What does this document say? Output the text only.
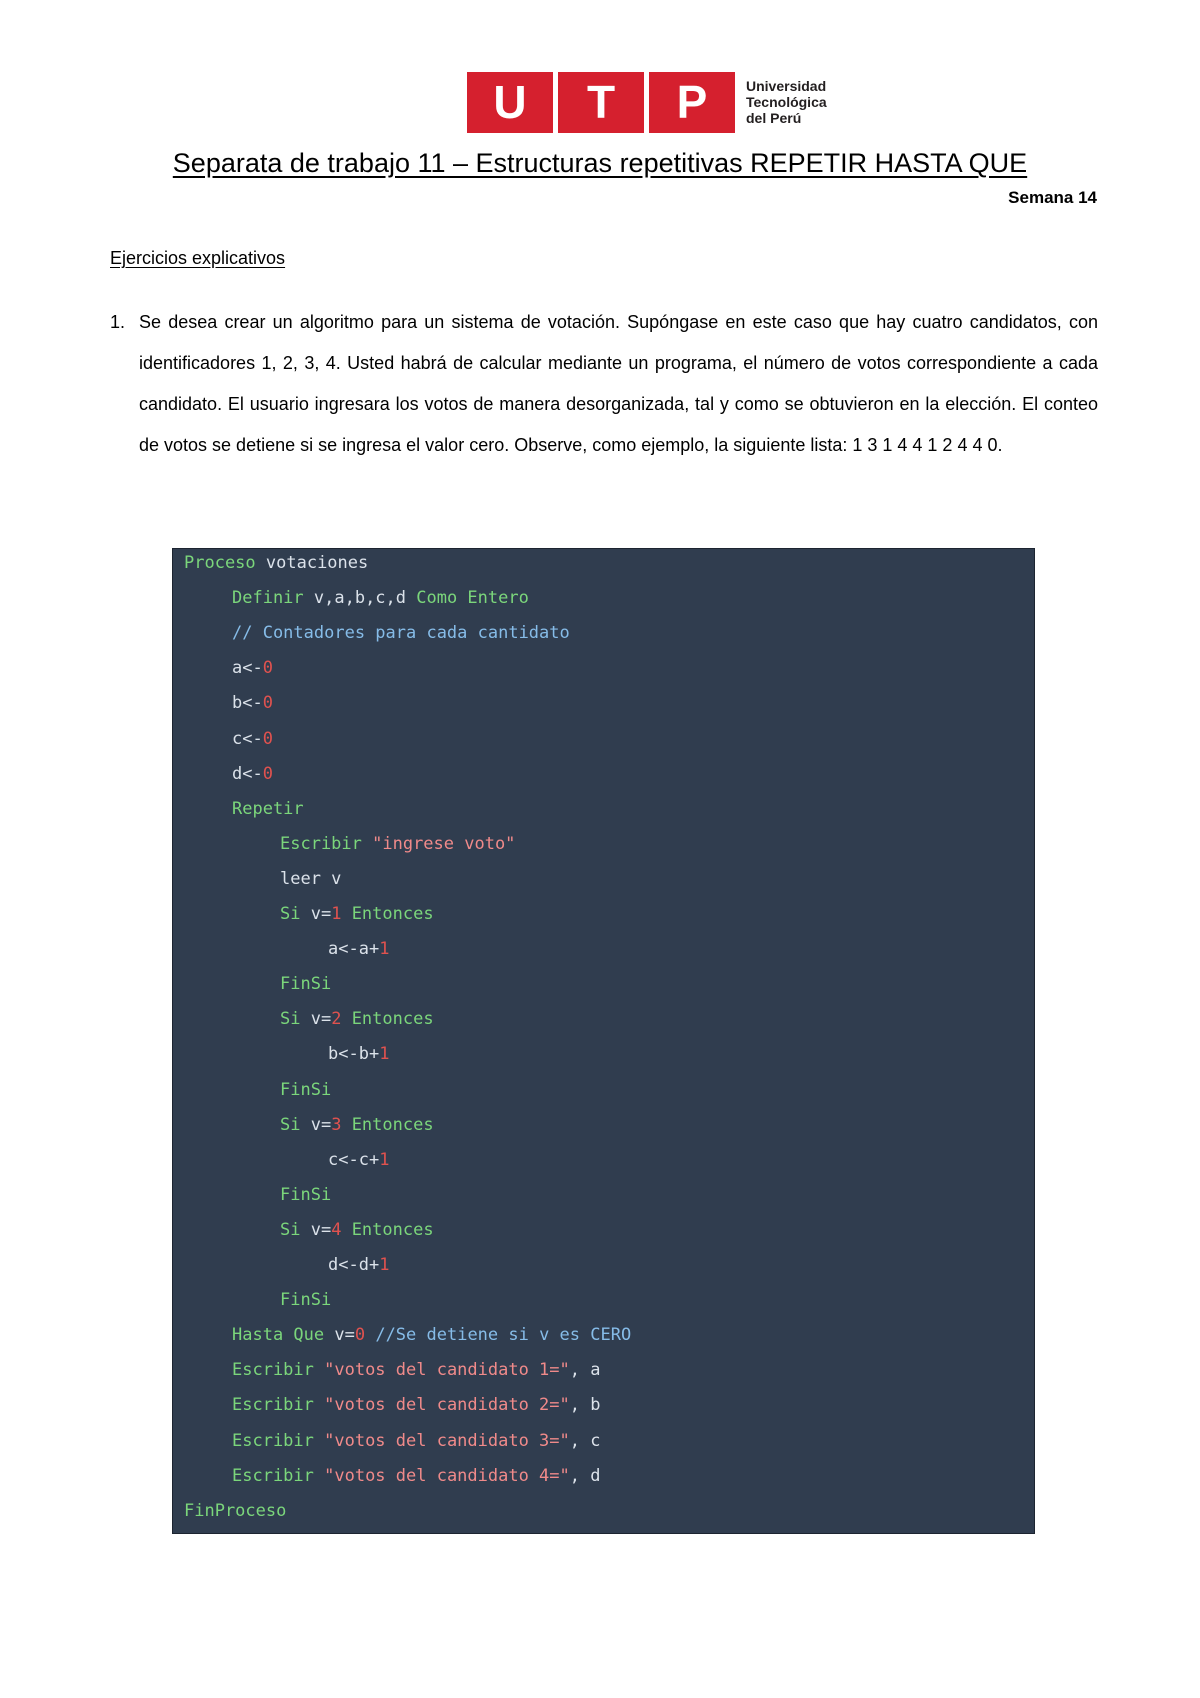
U	T	P	Universidad
Tecnológica
del Perú
Separata de trabajo 11 – Estructuras repetitivas REPETIR HASTA QUE
Semana 14
Ejercicios explicativos
1. Se desea crear un algoritmo para un sistema de votación. Supóngase en este caso que hay cuatro candidatos, con identificadores 1, 2, 3, 4. Usted habrá de calcular mediante un programa, el número de votos correspondiente a cada candidato. El usuario ingresara los votos de manera desorganizada, tal y como se obtuvieron en la elección. El conteo de votos se detiene si se ingresa el valor cero. Observe, como ejemplo, la siguiente lista: 1 3 1 4 4 1 2 4 4 0.
Proceso votaciones
Definir v,a,b,c,d Como Entero
// Contadores para cada cantidato
a<-0
b<-0
c<-0
d<-0
Repetir
Escribir "ingrese voto"
leer v
Si v=1 Entonces
a<-a+1
FinSi
Si v=2 Entonces
b<-b+1
FinSi
Si v=3 Entonces
c<-c+1
FinSi
Si v=4 Entonces
d<-d+1
FinSi
Hasta Que v=0 //Se detiene si v es CERO
Escribir "votos del candidato 1=", a
Escribir "votos del candidato 2=", b
Escribir "votos del candidato 3=", c
Escribir "votos del candidato 4=", d
FinProceso
